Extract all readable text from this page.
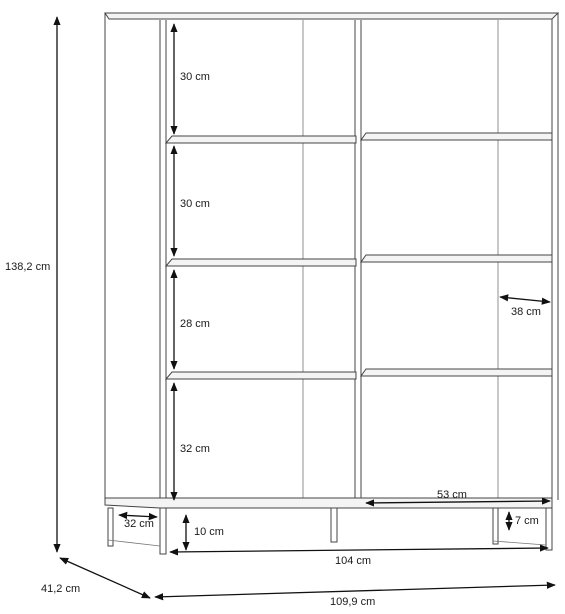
138,2 cm
41,2 cm
109,9 cm
104 cm
30 cm
30 cm
28 cm
32 cm
38 cm
53 cm
32 cm
10 cm
7 cm
